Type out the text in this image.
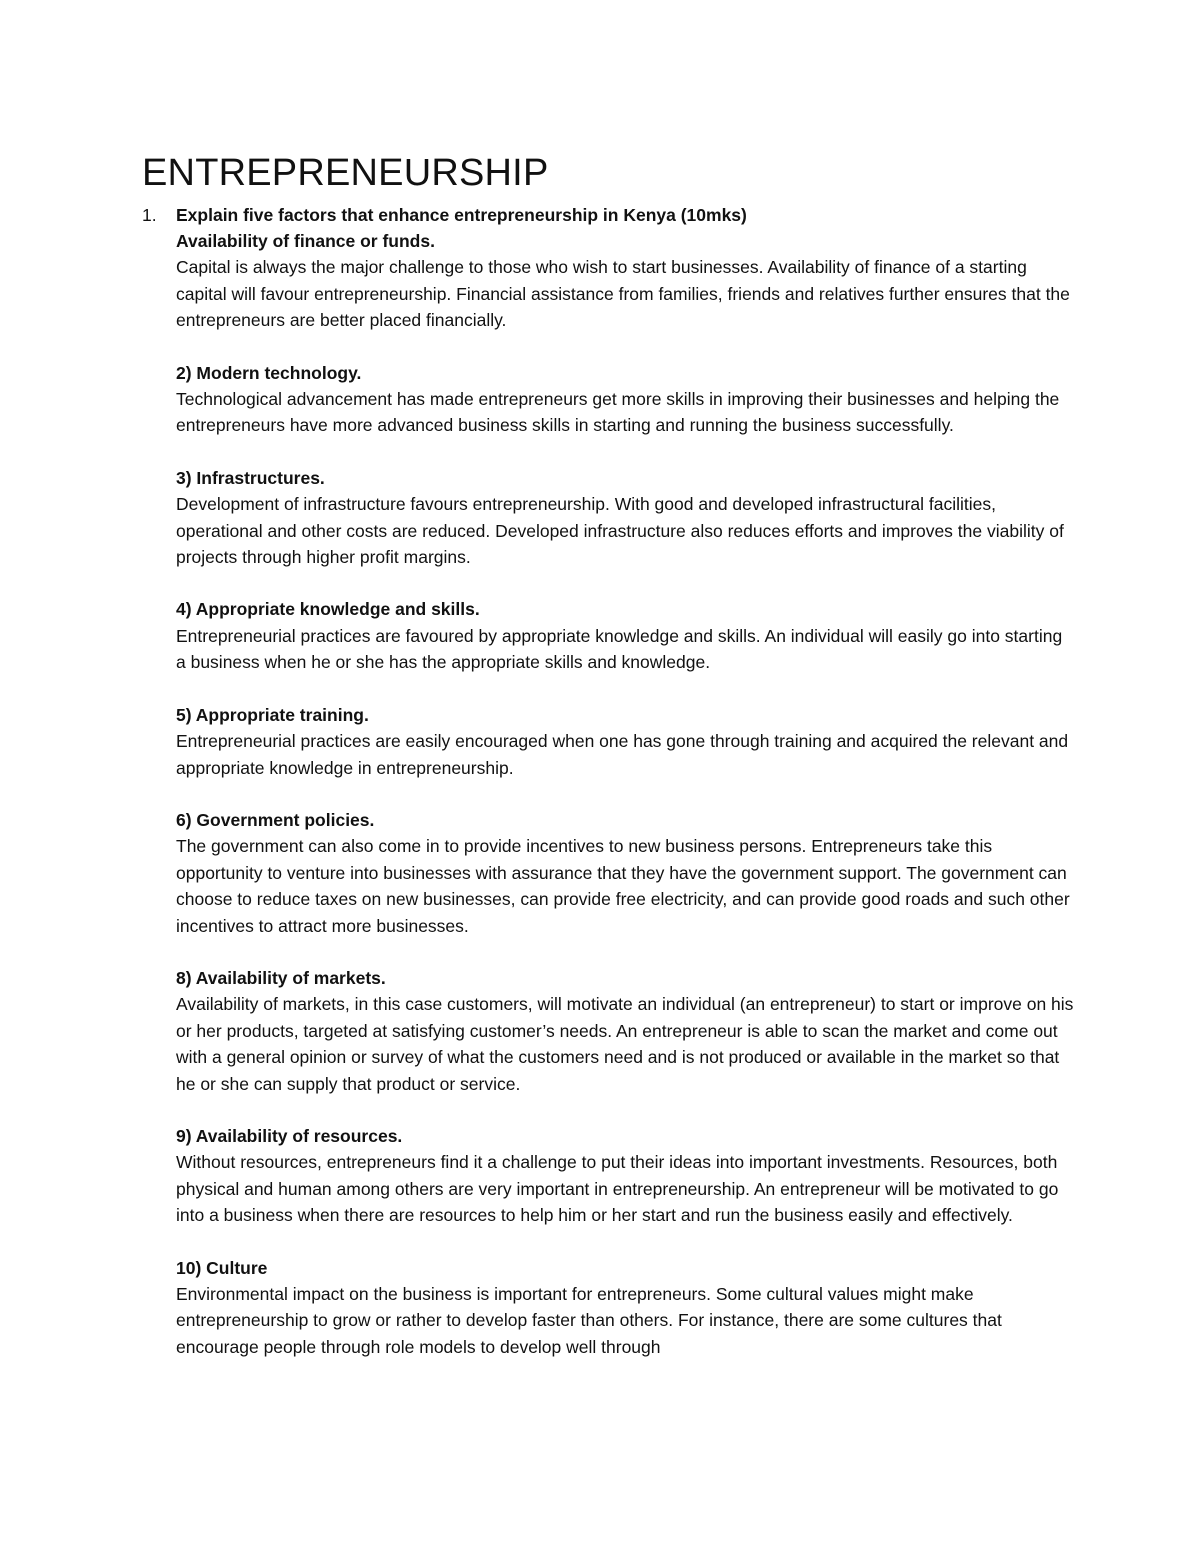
ENTREPRENEURSHIP
1. Explain five factors that enhance entrepreneurship in Kenya (10mks)
Availability of finance or funds.
Capital is always the major challenge to those who wish to start businesses. Availability of finance of a starting capital will favour entrepreneurship. Financial assistance from families, friends and relatives further ensures that the entrepreneurs are better placed financially.
2) Modern technology.
Technological advancement has made entrepreneurs get more skills in improving their businesses and helping the entrepreneurs have more advanced business skills in starting and running the business successfully.
3) Infrastructures.
Development of infrastructure favours entrepreneurship. With good and developed infrastructural facilities, operational and other costs are reduced. Developed infrastructure also reduces efforts and improves the viability of projects through higher profit margins.
4) Appropriate knowledge and skills.
Entrepreneurial practices are favoured by appropriate knowledge and skills. An individual will easily go into starting a business when he or she has the appropriate skills and knowledge.
5) Appropriate training.
Entrepreneurial practices are easily encouraged when one has gone through training and acquired the relevant and appropriate knowledge in entrepreneurship.
6) Government policies.
The government can also come in to provide incentives to new business persons. Entrepreneurs take this opportunity to venture into businesses with assurance that they have the government support. The government can choose to reduce taxes on new businesses, can provide free electricity, and can provide good roads and such other incentives to attract more businesses.
8) Availability of markets.
Availability of markets, in this case customers, will motivate an individual (an entrepreneur) to start or improve on his or her products, targeted at satisfying customer’s needs. An entrepreneur is able to scan the market and come out with a general opinion or survey of what the customers need and is not produced or available in the market so that he or she can supply that product or service.
9) Availability of resources.
Without resources, entrepreneurs find it a challenge to put their ideas into important investments. Resources, both physical and human among others are very important in entrepreneurship. An entrepreneur will be motivated to go into a business when there are resources to help him or her start and run the business easily and effectively.
10) Culture
Environmental impact on the business is important for entrepreneurs. Some cultural values might make entrepreneurship to grow or rather to develop faster than others. For instance, there are some cultures that encourage people through role models to develop well through
